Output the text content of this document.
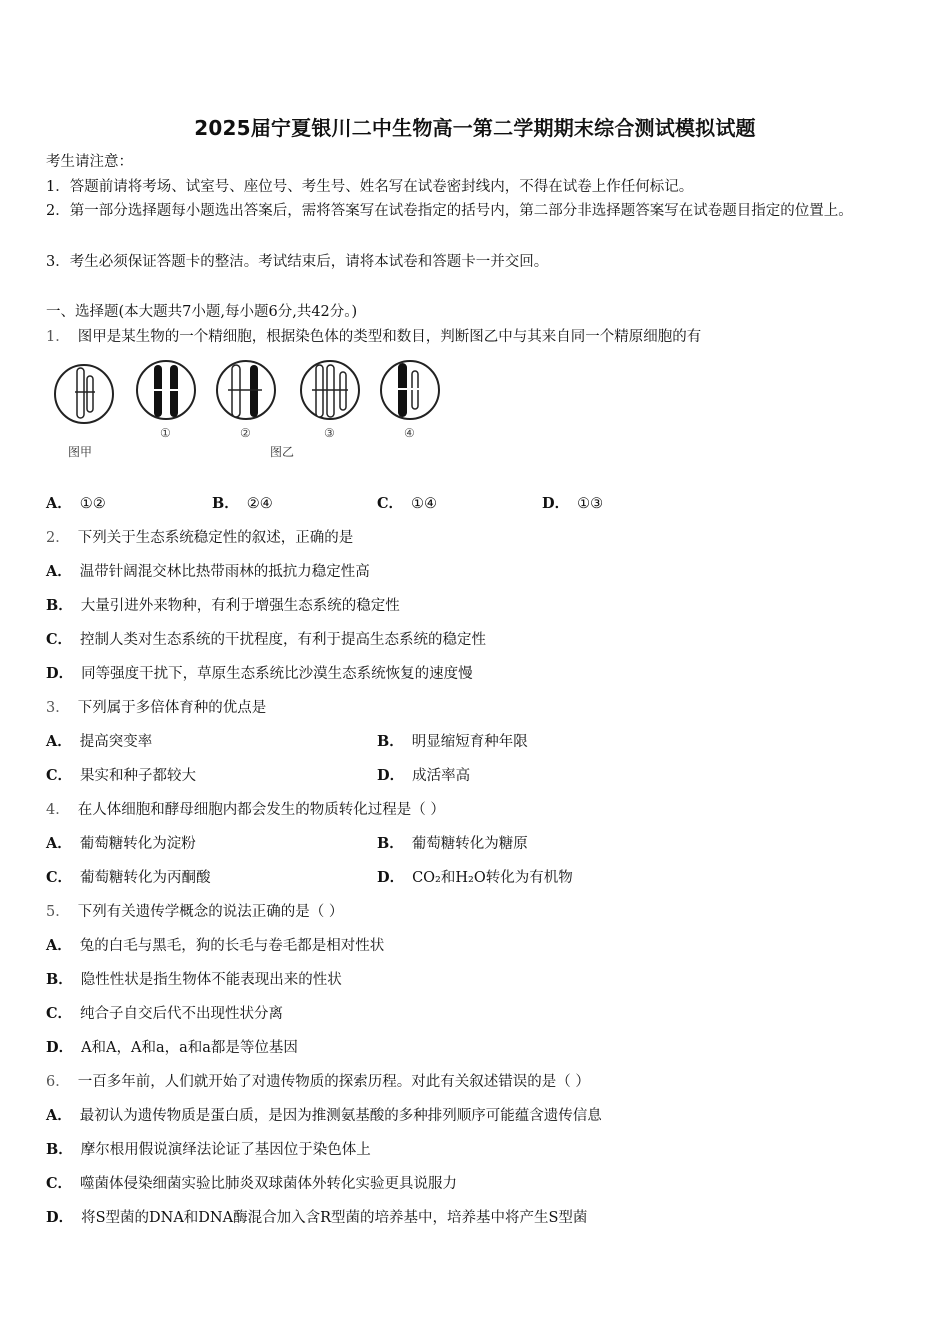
2025届宁夏银川二中生物高一第二学期期末综合测试模拟试题
考生请注意：
1．答题前请将考场、试室号、座位号、考生号、姓名写在试卷密封线内，不得在试卷上作任何标记。
2．第一部分选择题每小题选出答案后，需将答案写在试卷指定的括号内，第二部分非选择题答案写在试卷题目指定的位置上。
3．考生必须保证答题卡的整洁。考试结束后，请将本试卷和答题卡一并交回。
一、选择题(本大题共7小题,每小题6分,共42分。)
1． 图甲是某生物的一个精细胞，根据染色体的类型和数目，判断图乙中与其来自同一个精原细胞的有
①	②	③	④
图甲	图乙
A． ①②	B． ②④	C． ①④	D． ①③
2． 下列关于生态系统稳定性的叙述，正确的是
A． 温带针阔混交林比热带雨林的抵抗力稳定性高
B． 大量引进外来物种，有利于增强生态系统的稳定性
C． 控制人类对生态系统的干扰程度，有利于提高生态系统的稳定性
D． 同等强度干扰下，草原生态系统比沙漠生态系统恢复的速度慢
3． 下列属于多倍体育种的优点是
A． 提高突变率	B． 明显缩短育种年限
C． 果实和种子都较大	D． 成活率高
4． 在人体细胞和酵母细胞内都会发生的物质转化过程是（ ）
A． 葡萄糖转化为淀粉	B． 葡萄糖转化为糖原
C． 葡萄糖转化为丙酮酸	D． CO₂和H₂O转化为有机物
5． 下列有关遗传学概念的说法正确的是（ ）
A． 兔的白毛与黑毛，狗的长毛与卷毛都是相对性状
B． 隐性性状是指生物体不能表现出来的性状
C． 纯合子自交后代不出现性状分离
D． A和A，A和a，a和a都是等位基因
6． 一百多年前，人们就开始了对遗传物质的探索历程。对此有关叙述错误的是（ ）
A． 最初认为遗传物质是蛋白质，是因为推测氨基酸的多种排列顺序可能蕴含遗传信息
B． 摩尔根用假说演绎法论证了基因位于染色体上
C． 噬菌体侵染细菌实验比肺炎双球菌体外转化实验更具说服力
D． 将S型菌的DNA和DNA酶混合加入含R型菌的培养基中，培养基中将产生S型菌
